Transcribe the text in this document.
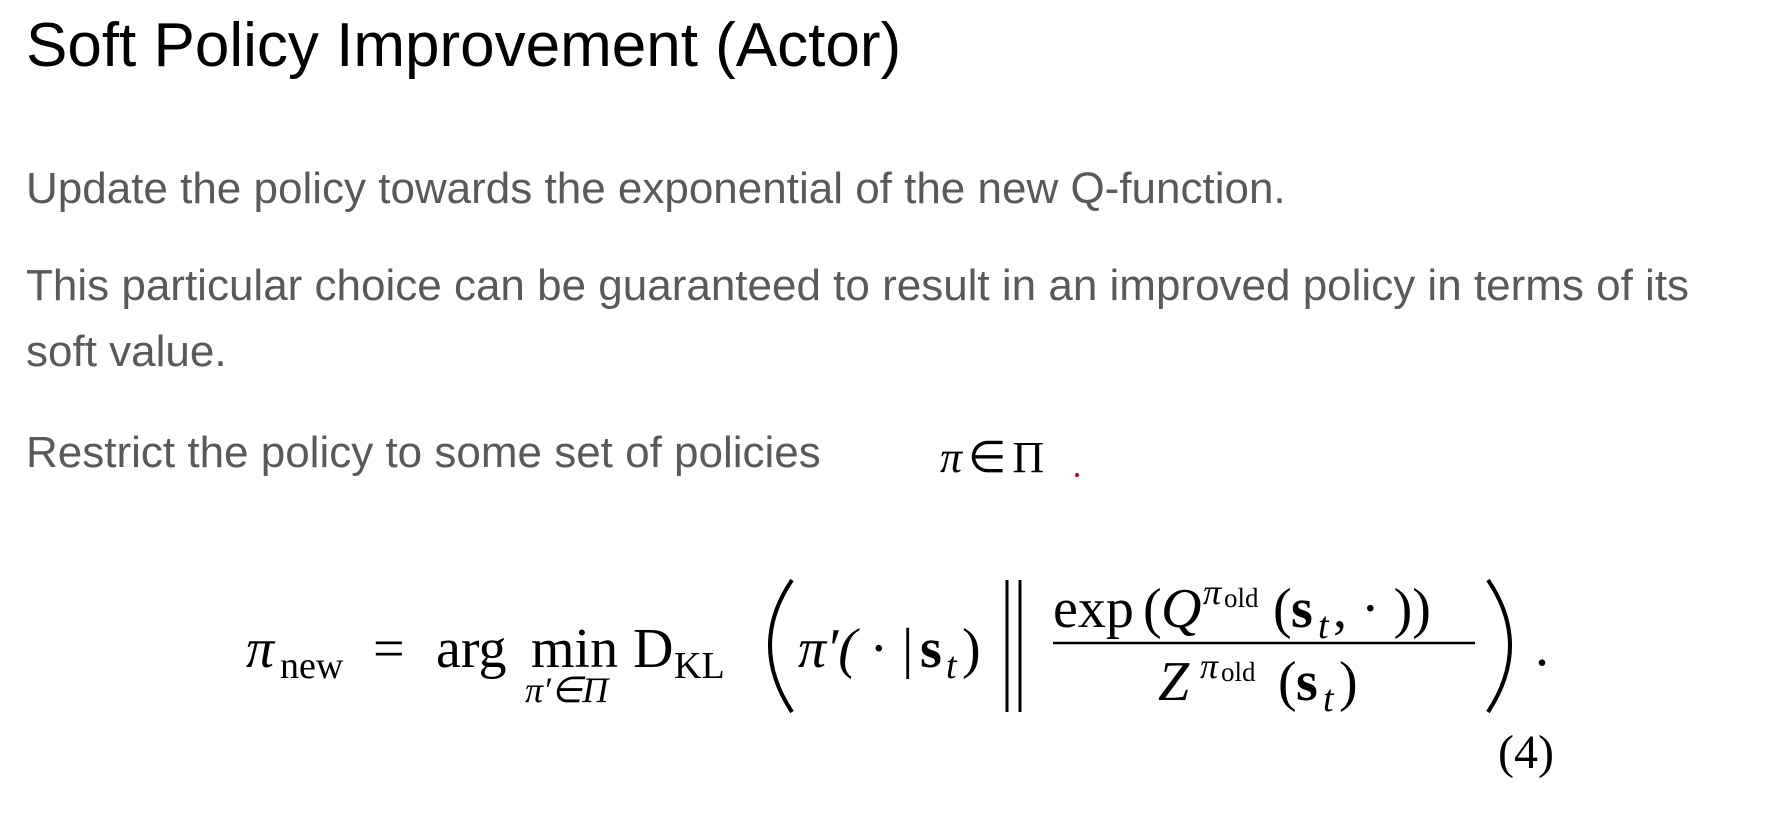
Soft Policy Improvement (Actor)
Update the policy towards the exponential of the new Q-function.
This particular choice can be guaranteed to result in an improved policy in terms of its soft value.
Restrict the policy to some set of policies	π ∈ Π
π new = arg min
π′∈Π
D KL π′( · | s t )
exp ( Q π old ( s t , · ))
Z π old ( s t )
.
(4)
